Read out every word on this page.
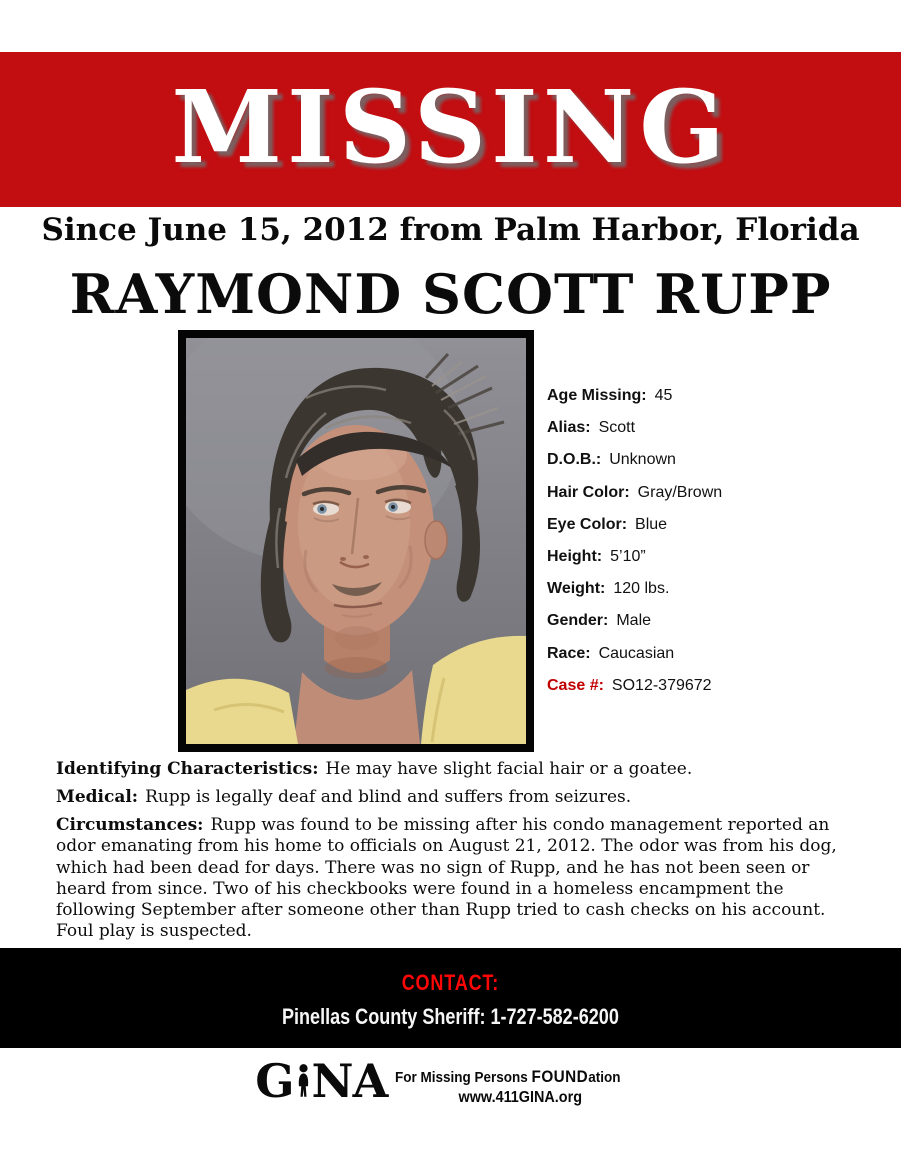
MISSING
Since June 15, 2012 from Palm Harbor, Florida
RAYMOND SCOTT RUPP
Age Missing: 45
Alias: Scott
D.O.B.: Unknown
Hair Color: Gray/Brown
Eye Color: Blue
Height: 5’10”
Weight: 120 lbs.
Gender: Male
Race: Caucasian
Case #: SO12-379672

Identifying Characteristics: He may have slight facial hair or a goatee.

Medical: Rupp is legally deaf and blind and suffers from seizures.

Circumstances: Rupp was found to be missing after his condo management reported an odor emanating from his home to officials on August 21, 2012. The odor was from his dog, which had been dead for days. There was no sign of Rupp, and he has not been seen or heard from since. Two of his checkbooks were found in a homeless encampment the following September after someone other than Rupp tried to cash checks on his account. Foul play is suspected.

CONTACT:
Pinellas County Sheriff: 1-727-582-6200
G NA For Missing Persons FOUNDation
www.411GINA.org
